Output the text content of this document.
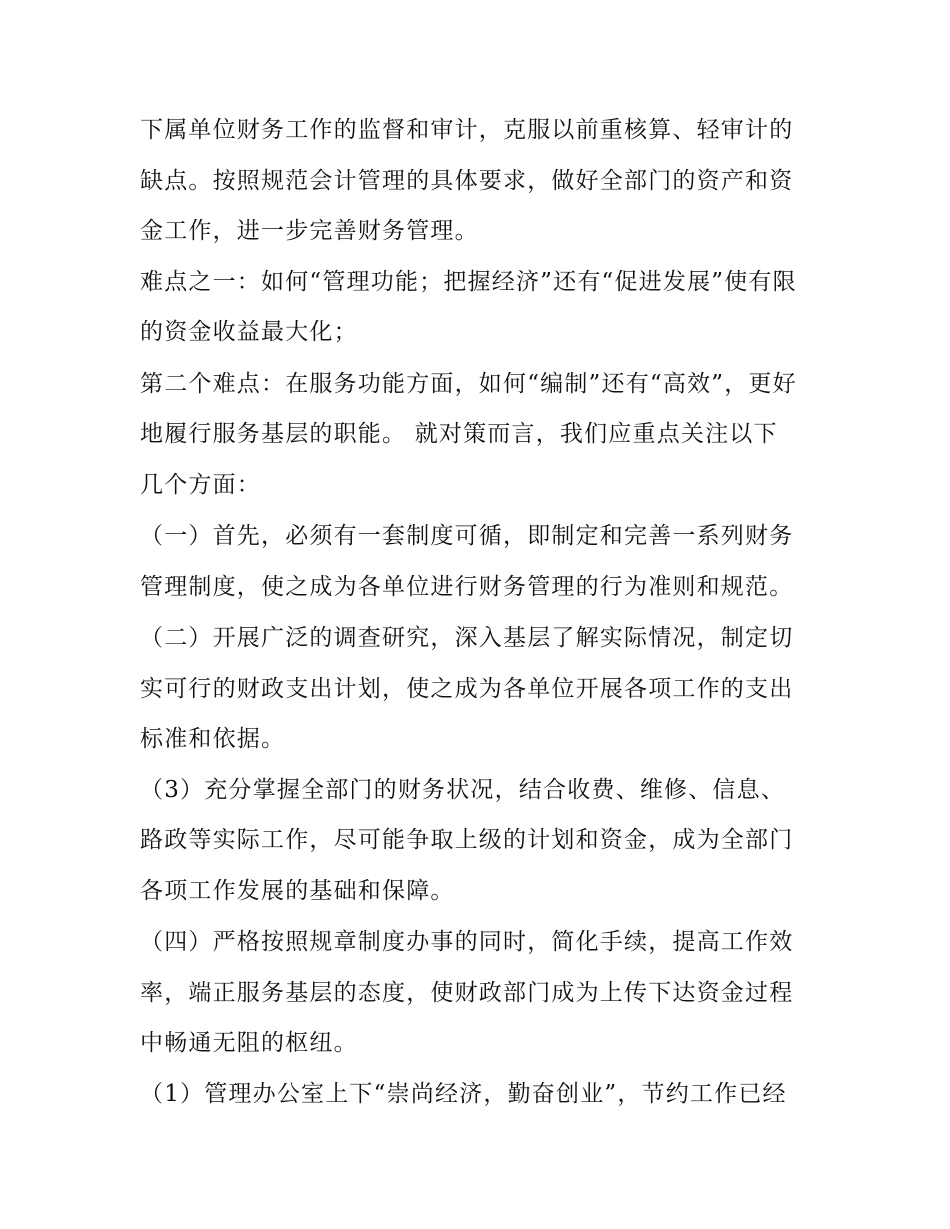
下属单位财务工作的监督和审计，克服以前重核算、轻审计的
缺点。按照规范会计管理的具体要求，做好全部门的资产和资
金工作，进一步完善财务管理。
难点之一：如何“管理功能；把握经济”还有“促进发展”使有限
的资金收益最大化；
第二个难点：在服务功能方面，如何“编制”还有“高效”，更好
地履行服务基层的职能。 就对策而言，我们应重点关注以下
几个方面：
（一）首先，必须有一套制度可循，即制定和完善一系列财务
管理制度，使之成为各单位进行财务管理的行为准则和规范。
（二）开展广泛的调查研究，深入基层了解实际情况，制定切
实可行的财政支出计划，使之成为各单位开展各项工作的支出
标准和依据。
（3）充分掌握全部门的财务状况，结合收费、维修、信息、
路政等实际工作，尽可能争取上级的计划和资金，成为全部门
各项工作发展的基础和保障。
（四）严格按照规章制度办事的同时，简化手续，提高工作效
率，端正服务基层的态度，使财政部门成为上传下达资金过程
中畅通无阻的枢纽。
（1）管理办公室上下“崇尚经济，勤奋创业”，节约工作已经
